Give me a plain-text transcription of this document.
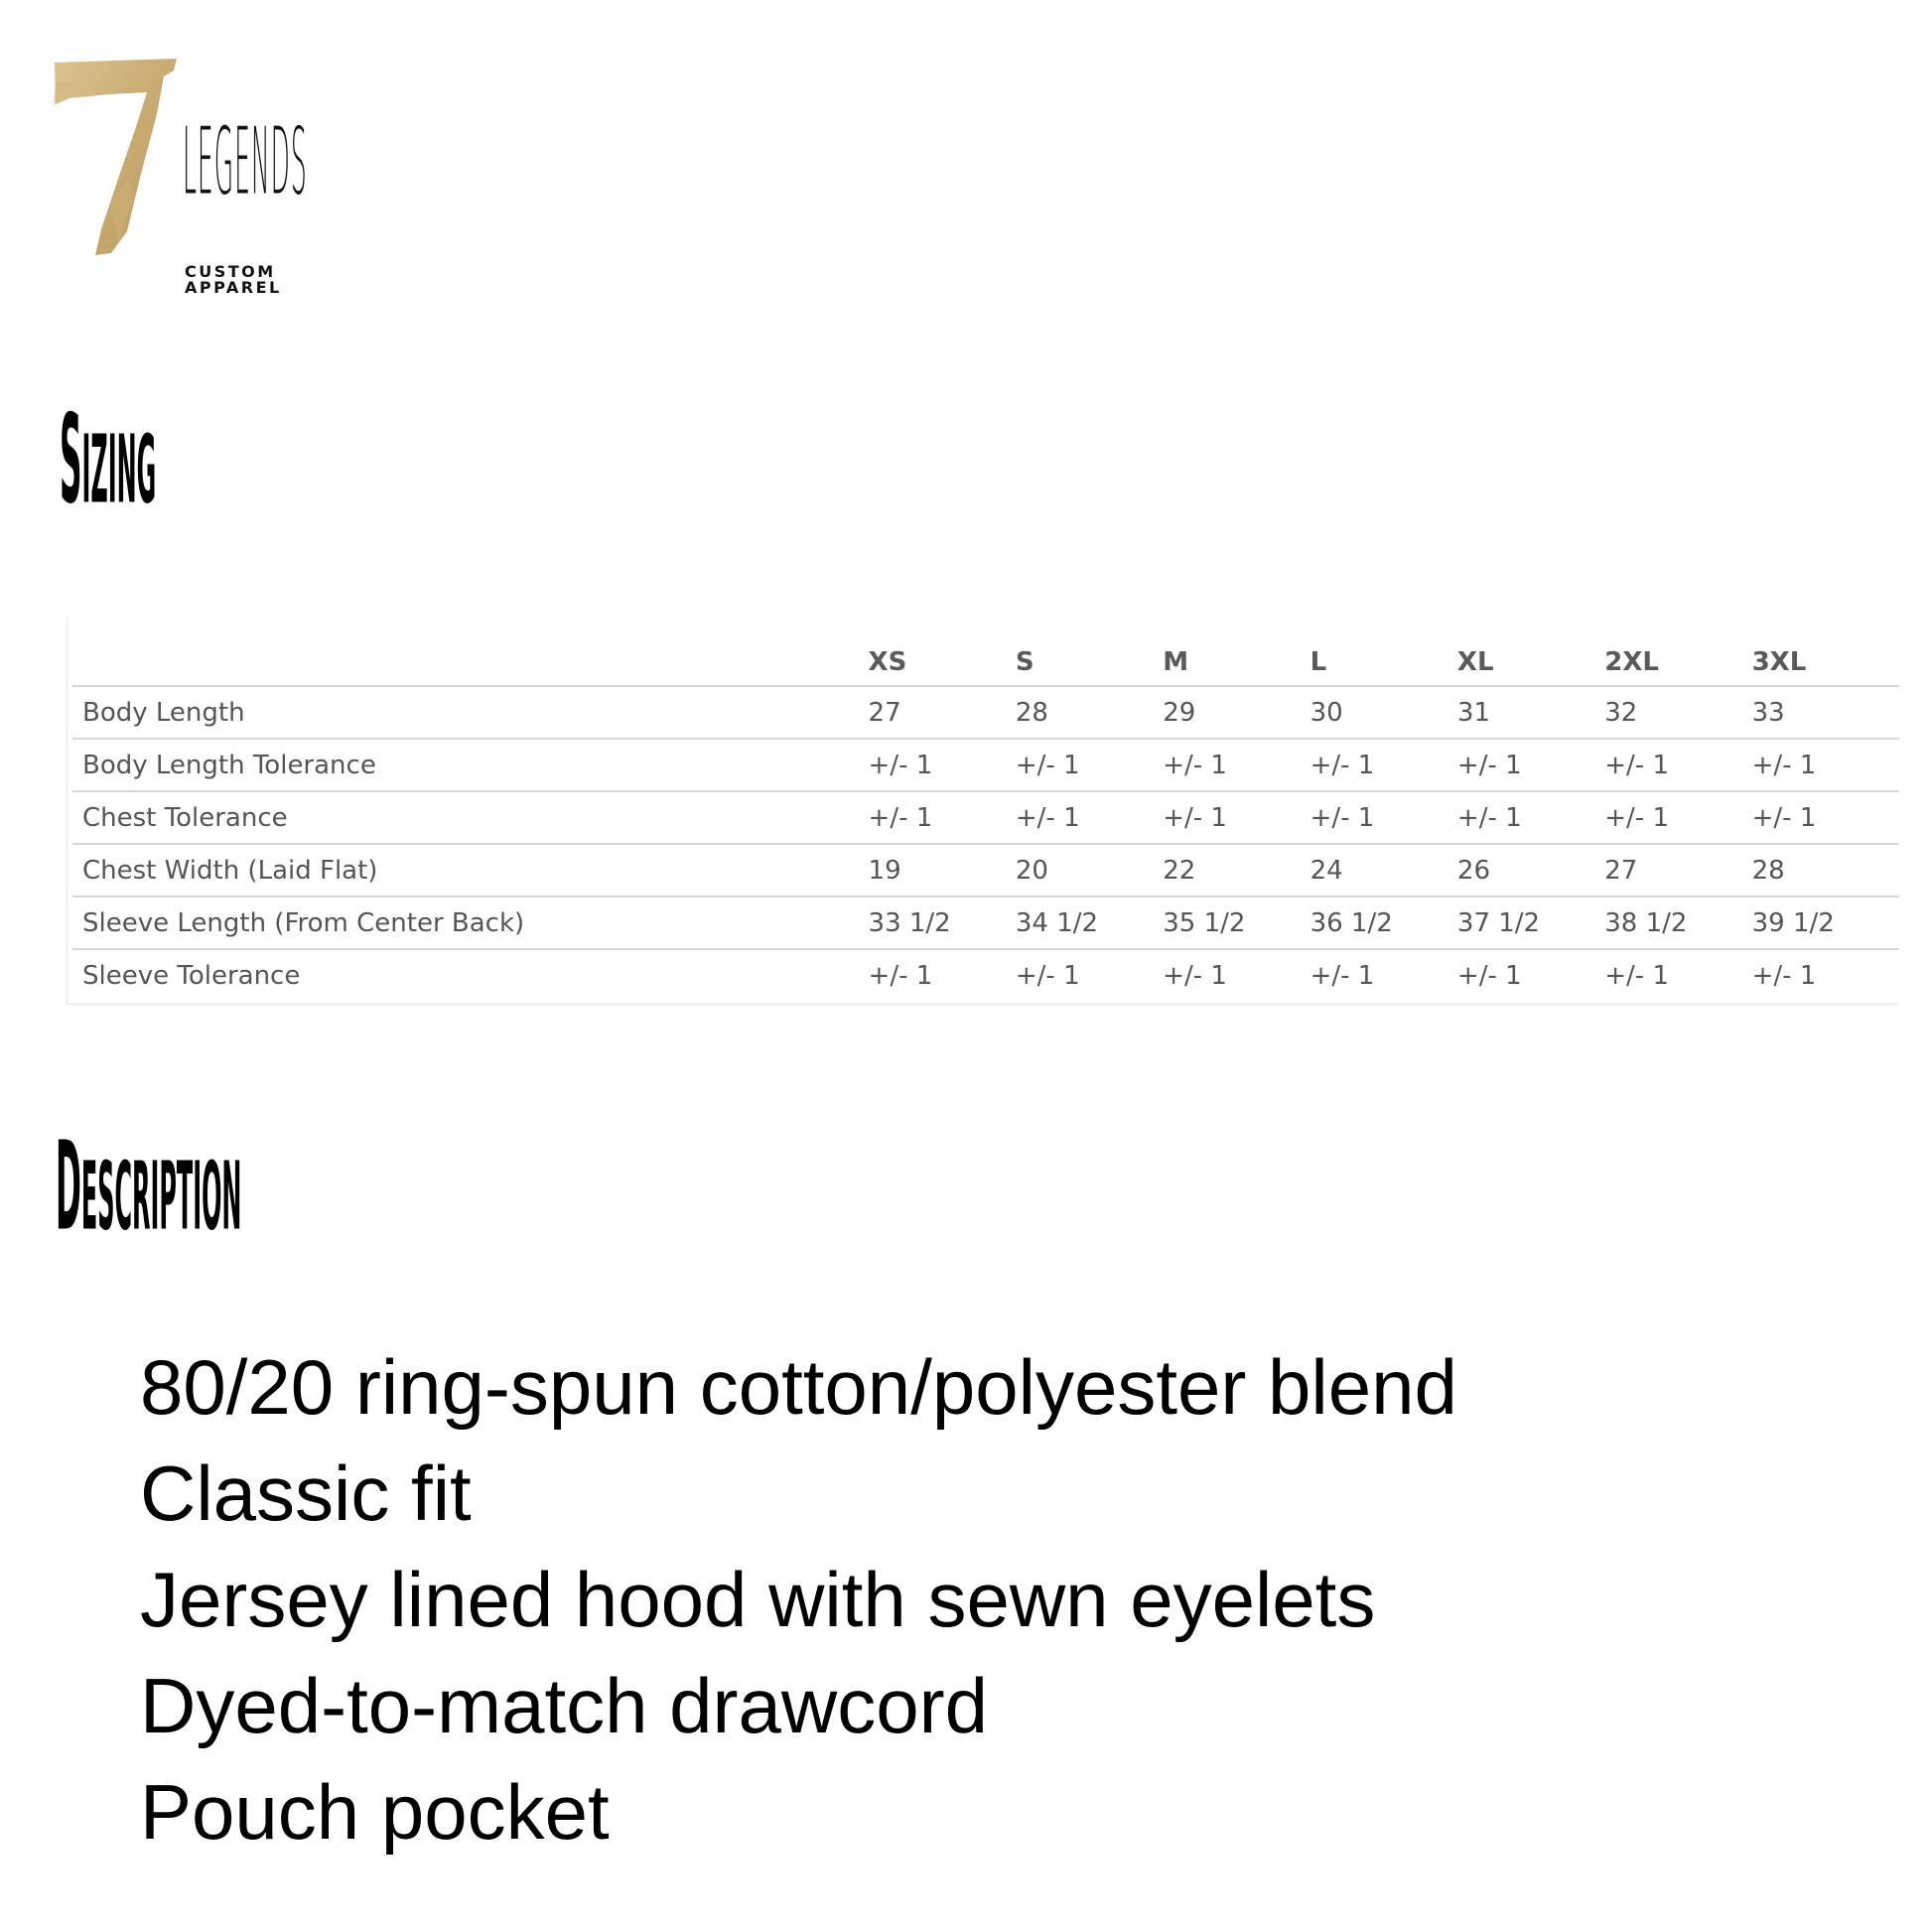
LEGENDS
CUSTOM APPAREL
SIZING
	XS	S	M	L	XL	2XL	3XL
Body Length	27	28	29	30	31	32	33
Body Length Tolerance	+/- 1	+/- 1	+/- 1	+/- 1	+/- 1	+/- 1	+/- 1
Chest Tolerance	+/- 1	+/- 1	+/- 1	+/- 1	+/- 1	+/- 1	+/- 1
Chest Width (Laid Flat)	19	20	22	24	26	27	28
Sleeve Length (From Center Back)	33 1/2	34 1/2	35 1/2	36 1/2	37 1/2	38 1/2	39 1/2
Sleeve Tolerance	+/- 1	+/- 1	+/- 1	+/- 1	+/- 1	+/- 1	+/- 1
DESCRIPTION
80/20 ring-spun cotton/polyester blend
Classic fit
Jersey lined hood with sewn eyelets
Dyed-to-match drawcord
Pouch pocket
